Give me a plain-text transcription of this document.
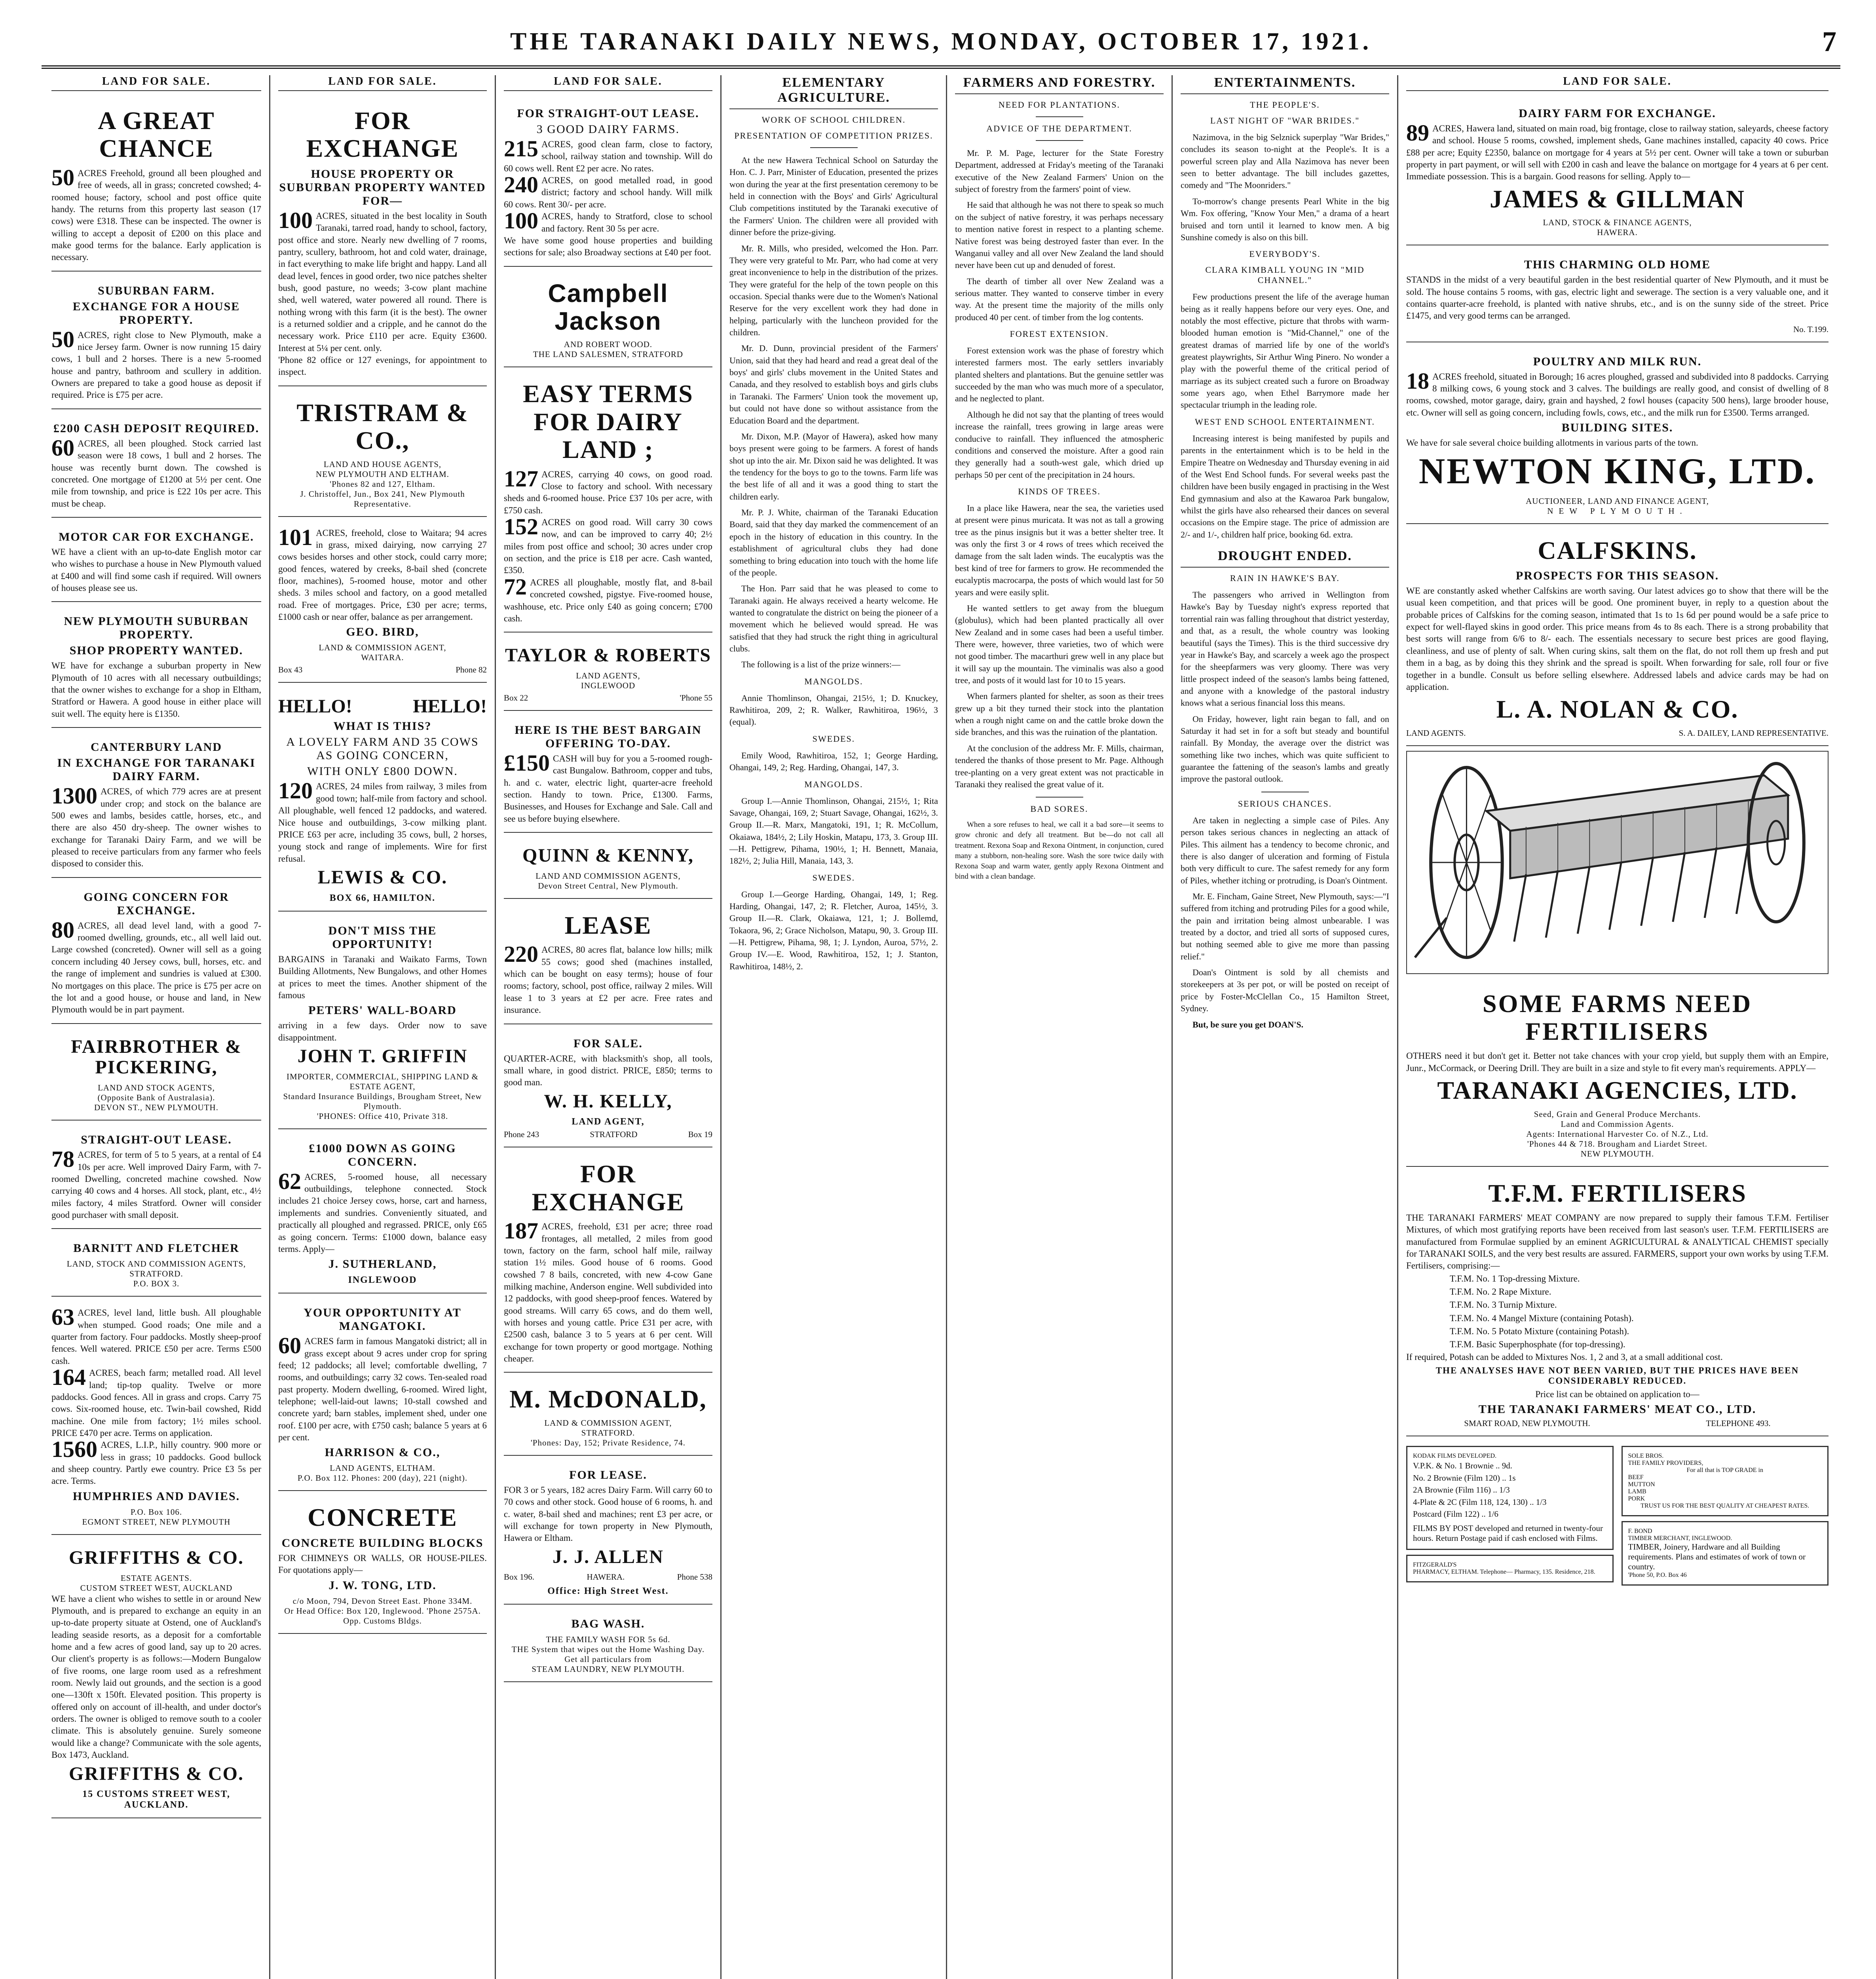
THE TARANAKI DAILY NEWS, MONDAY, OCTOBER 17, 1921.	7
LAND FOR SALE.
A GREAT CHANCE
50 ACRES Freehold, ground all been ploughed and free of weeds, all in grass; concreted cowshed; 4-roomed house; factory, school and post office quite handy. The returns from this property last season (17 cows) were £318. These can be inspected. The owner is willing to accept a deposit of £200 on this place and make good terms for the balance. Early application is necessary.
SUBURBAN FARM.
EXCHANGE FOR A HOUSE PROPERTY.
50 ACRES, right close to New Plymouth, make a nice Jersey farm. Owner is now running 15 dairy cows, 1 bull and 2 horses. There is a new 5-roomed house and pantry, bathroom and scullery in addition. Owners are prepared to take a good house as deposit if required. Price is £75 per acre.
£200 CASH DEPOSIT REQUIRED.
60 ACRES, all been ploughed. Stock carried last season were 18 cows, 1 bull and 2 horses. The house was recently burnt down. The cowshed is concreted. One mortgage of £1200 at 5½ per cent. One mile from township, and price is £22 10s per acre. This must be cheap.
MOTOR CAR FOR EXCHANGE.
WE have a client with an up-to-date English motor car who wishes to purchase a house in New Plymouth valued at £400 and will find some cash if required. Will owners of houses please see us.
NEW PLYMOUTH SUBURBAN PROPERTY.
SHOP PROPERTY WANTED.
WE have for exchange a suburban property in New Plymouth of 10 acres with all necessary outbuildings; that the owner wishes to exchange for a shop in Eltham, Stratford or Hawera. A good house in either place will suit well. The equity here is £1350.
CANTERBURY LAND
IN EXCHANGE FOR TARANAKI DAIRY FARM.
1300 ACRES, of which 779 acres are at present under crop; and stock on the balance are 500 ewes and lambs, besides cattle, horses, etc., and there are also 450 dry-sheep. The owner wishes to exchange for Taranaki Dairy Farm, and we will be pleased to receive particulars from any farmer who feels disposed to consider this.
GOING CONCERN FOR EXCHANGE.
80 ACRES, all dead level land, with a good 7-roomed dwelling, grounds, etc., all well laid out. Large cowshed (concreted). Owner will sell as a going concern including 40 Jersey cows, bull, horses, etc. and the range of implement and sundries is valued at £300. No mortgages on this place. The price is £75 per acre on the lot and a good house, or house and land, in New Plymouth would be in part payment.
FAIRBROTHER & PICKERING,
LAND AND STOCK AGENTS,
(Opposite Bank of Australasia).
DEVON ST., NEW PLYMOUTH.
STRAIGHT-OUT LEASE.
78 ACRES, for term of 5 to 5 years, at a rental of £4 10s per acre. Well improved Dairy Farm, with 7-roomed Dwelling, concreted machine cowshed. Now carrying 40 cows and 4 horses. All stock, plant, etc., 4½ miles factory, 4 miles Stratford. Owner will consider good purchaser with small deposit.
BARNITT AND FLETCHER
LAND, STOCK AND COMMISSION AGENTS,
STRATFORD.
P.O. BOX 3.
63 ACRES, level land, little bush. All ploughable when stumped. Good roads; One mile and a quarter from factory. Four paddocks. Mostly sheep-proof fences. Well watered. PRICE £50 per acre. Terms £500 cash.
164 ACRES, beach farm; metalled road. All level land; tip-top quality. Twelve or more paddocks. Good fences. All in grass and crops. Carry 75 cows. Six-roomed house, etc. Twin-bail cowshed, Ridd machine. One mile from factory; 1½ miles school. PRICE £470 per acre. Terms on application.
1560 ACRES, L.I.P., hilly country. 900 more or less in grass; 10 paddocks. Good bullock and sheep country. Partly ewe country. Price £3 5s per acre. Terms.
HUMPHRIES AND DAVIES.
P.O. Box 106.
EGMONT STREET, NEW PLYMOUTH
GRIFFITHS & CO.
ESTATE AGENTS.
CUSTOM STREET WEST, AUCKLAND
WE have a client who wishes to settle in or around New Plymouth, and is prepared to exchange an equity in an up-to-date property situate at Ostend, one of Auckland's leading seaside resorts, as a deposit for a comfortable home and a few acres of good land, say up to 20 acres. Our client's property is as follows:—Modern Bungalow of five rooms, one large room used as a refreshment room. Newly laid out grounds, and the section is a good one—130ft x 150ft. Elevated position. This property is offered only on account of ill-health, and under doctor's orders. The owner is obliged to remove south to a cooler climate. This is absolutely genuine. Surely someone would like a change? Communicate with the sole agents, Box 1473, Auckland.
GRIFFITHS & CO.
15 CUSTOMS STREET WEST, AUCKLAND.
LAND FOR SALE.
FOR EXCHANGE
HOUSE PROPERTY OR SUBURBAN PROPERTY WANTED FOR—
100 ACRES, situated in the best locality in South Taranaki, tarred road, handy to school, factory, post office and store. Nearly new dwelling of 7 rooms, pantry, scullery, bathroom, hot and cold water, drainage, in fact everything to make life bright and happy. Land all dead level, fences in good order, two nice patches shelter bush, good pasture, no weeds; 3-cow plant machine shed, well watered, water powered all round. There is nothing wrong with this farm (it is the best). The owner is a returned soldier and a cripple, and he cannot do the necessary work. Price £110 per acre. Equity £3600. Interest at 5¼ per cent. only.
'Phone 82 office or 127 evenings, for appointment to inspect.
TRISTRAM & CO.,
LAND AND HOUSE AGENTS,
NEW PLYMOUTH AND ELTHAM.
'Phones 82 and 127, Eltham.
J. Christoffel, Jun., Box 241, New Plymouth Representative.
101 ACRES, freehold, close to Waitara; 94 acres in grass, mixed dairying, now carrying 27 cows besides horses and other stock, could carry more; good fences, watered by creeks, 8-bail shed (concrete floor, machines), 5-roomed house, motor and other sheds. 3 miles school and factory, on a good metalled road. Free of mortgages. Price, £30 per acre; terms, £1000 cash or near offer, balance as per arrangement.
GEO. BIRD,
LAND & COMMISSION AGENT,
WAITARA.
Box 43	Phone 82
HELLO!	HELLO!
WHAT IS THIS?
A LOVELY FARM AND 35 COWS AS GOING CONCERN,
WITH ONLY £800 DOWN.
120 ACRES, 24 miles from railway, 3 miles from good town; half-mile from factory and school. All ploughable, well fenced 12 paddocks, and watered. Nice house and outbuildings, 3-cow milking plant. PRICE £63 per acre, including 35 cows, bull, 2 horses, young stock and range of implements. Wire for first refusal.
LEWIS & CO.
BOX 66, HAMILTON.
DON'T MISS THE OPPORTUNITY!
BARGAINS in Taranaki and Waikato Farms, Town Building Allotments, New Bungalows, and other Homes at prices to meet the times. Another shipment of the famous
PETERS' WALL-BOARD
arriving in a few days. Order now to save disappointment.
JOHN T. GRIFFIN
IMPORTER, COMMERCIAL, SHIPPING LAND & ESTATE AGENT,
Standard Insurance Buildings, Brougham Street, New Plymouth.
'PHONES: Office 410, Private 318.
£1000 DOWN AS GOING CONCERN.
62 ACRES, 5-roomed house, all necessary outbuildings, telephone connected. Stock includes 21 choice Jersey cows, horse, cart and harness, implements and sundries. Conveniently situated, and practically all ploughed and regrassed. PRICE, only £65 as going concern. Terms: £1000 down, balance easy terms. Apply—
J. SUTHERLAND,
INGLEWOOD
YOUR OPPORTUNITY AT MANGATOKI.
60 ACRES farm in famous Mangatoki district; all in grass except about 9 acres under crop for spring feed; 12 paddocks; all level; comfortable dwelling, 7 rooms, and outbuildings; carry 32 cows. Ten-sealed road past property. Modern dwelling, 6-roomed. Wired light, telephone; well-laid-out lawns; 10-stall cowshed and concrete yard; barn stables, implement shed, under one roof. £100 per acre, with £750 cash; balance 5 years at 6 per cent.
HARRISON & CO.,
LAND AGENTS, ELTHAM.
P.O. Box 112. Phones: 200 (day), 221 (night).
CONCRETE
CONCRETE BUILDING BLOCKS
FOR CHIMNEYS OR WALLS, OR HOUSE-PILES. For quotations apply—
J. W. TONG, LTD.
c/o Moon, 794, Devon Street East. Phone 334M.
Or Head Office: Box 120, Inglewood. 'Phone 2575A. Opp. Customs Bldgs.
LAND FOR SALE.
FOR STRAIGHT-OUT LEASE.
3 GOOD DAIRY FARMS.
215 ACRES, good clean farm, close to factory, school, railway station and township. Will do 60 cows well. Rent £2 per acre. No rates.
240 ACRES, on good metalled road, in good district; factory and school handy. Will milk 60 cows. Rent 30/- per acre.
100 ACRES, handy to Stratford, close to school and factory. Rent 30 5s per acre.
We have some good house properties and building sections for sale; also Broadway sections at £40 per foot.
Campbell Jackson
AND ROBERT WOOD.
THE LAND SALESMEN, STRATFORD
EASY TERMS FOR DAIRY LAND ;
127 ACRES, carrying 40 cows, on good road. Close to factory and school. With necessary sheds and 6-roomed house. Price £37 10s per acre, with £750 cash.
152 ACRES on good road. Will carry 30 cows now, and can be improved to carry 40; 2½ miles from post office and school; 30 acres under crop on section, and the price is £18 per acre. Cash wanted, £350.
72 ACRES all ploughable, mostly flat, and 8-bail concreted cowshed, pigstye. Five-roomed house, washhouse, etc. Price only £40 as going concern; £700 cash.
TAYLOR & ROBERTS
LAND AGENTS,
INGLEWOOD
Box 22	'Phone 55
HERE IS THE BEST BARGAIN OFFERING TO-DAY.
£150 CASH will buy for you a 5-roomed rough-cast Bungalow. Bathroom, copper and tubs, h. and c. water, electric light, quarter-acre freehold section. Handy to town. Price, £1300. Farms, Businesses, and Houses for Exchange and Sale. Call and see us before buying elsewhere.
QUINN & KENNY,
LAND AND COMMISSION AGENTS,
Devon Street Central, New Plymouth.
LEASE
220 ACRES, 80 acres flat, balance low hills; milk 55 cows; good shed (machines installed, which can be bought on easy terms); house of four rooms; factory, school, post office, railway 2 miles. Will lease 1 to 3 years at £2 per acre. Free rates and insurance.
FOR SALE.
QUARTER-ACRE, with blacksmith's shop, all tools, small whare, in good district. PRICE, £850; terms to good man.
W. H. KELLY,
LAND AGENT,
Phone 243	STRATFORD	Box 19
FOR EXCHANGE
187 ACRES, freehold, £31 per acre; three road frontages, all metalled, 2 miles from good town, factory on the farm, school half mile, railway station 1½ miles. Good house of 6 rooms. Good cowshed 7 8 bails, concreted, with new 4-cow Gane milking machine, Anderson engine. Well subdivided into 12 paddocks, with good sheep-proof fences. Watered by good streams. Will carry 65 cows, and do them well, with horses and young cattle. Price £31 per acre, with £2500 cash, balance 3 to 5 years at 6 per cent. Will exchange for town property or good mortgage. Nothing cheaper.
M. McDONALD,
LAND & COMMISSION AGENT,
STRATFORD.
'Phones: Day, 152; Private Residence, 74.
FOR LEASE.
FOR 3 or 5 years, 182 acres Dairy Farm. Will carry 60 to 70 cows and other stock. Good house of 6 rooms, h. and c. water, 8-bail shed and machines; rent £3 per acre, or will exchange for town property in New Plymouth, Hawera or Eltham.
J. J. ALLEN
Box 196.	HAWERA.	Phone 538
Office: High Street West.
BAG WASH.
THE FAMILY WASH FOR 5s 6d.
THE System that wipes out the Home Washing Day.
Get all particulars from
STEAM LAUNDRY, NEW PLYMOUTH.
ELEMENTARY AGRICULTURE.
WORK OF SCHOOL CHILDREN.
PRESENTATION OF COMPETITION PRIZES.

At the new Hawera Technical School on Saturday the Hon. C. J. Parr, Minister of Education, presented the prizes won during the year at the first presentation ceremony to be held in connection with the Boys' and Girls' Agricultural Club competitions instituted by the Taranaki executive of the Farmers' Union. The children were all provided with dinner before the prize-giving.

Mr. R. Mills, who presided, welcomed the Hon. Parr. They were very grateful to Mr. Parr, who had come at very great inconvenience to help in the distribution of the prizes. They were grateful for the help of the town people on this occasion. Special thanks were due to the Women's National Reserve for the very excellent work they had done in helping, particularly with the luncheon provided for the children.

Mr. D. Dunn, provincial president of the Farmers' Union, said that they had heard and read a great deal of the boys' and girls' clubs movement in the United States and Canada, and they resolved to establish boys and girls clubs in Taranaki. The Farmers' Union took the movement up, but could not have done so without assistance from the Education Board and the department.

Mr. Dixon, M.P. (Mayor of Hawera), asked how many boys present were going to be farmers. A forest of hands shot up into the air. Mr. Dixon said he was delighted. It was the tendency for the boys to go to the towns. Farm life was the best life of all and it was a good thing to start the children early.

Mr. P. J. White, chairman of the Taranaki Education Board, said that they day marked the commencement of an epoch in the history of education in this country. In the establishment of agricultural clubs they had done something to bring education into touch with the home life of the people.

The Hon. Parr said that he was pleased to come to Taranaki again. He always received a hearty welcome. He wanted to congratulate the district on being the pioneer of a movement which he believed would spread. He was satisfied that they had struck the right thing in agricultural clubs.

The following is a list of the prize winners:—

MANGOLDS.

Annie Thomlinson, Ohangai, 215½, 1; D. Knuckey, Rawhitiroa, 209, 2; R. Walker, Rawhitiroa, 196½, 3 (equal).

SWEDES.

Emily Wood, Rawhitiroa, 152, 1; George Harding, Ohangai, 149, 2; Reg. Harding, Ohangai, 147, 3.

MANGOLDS.

Group I.—Annie Thomlinson, Ohangai, 215½, 1; Rita Savage, Ohangai, 169, 2; Stuart Savage, Ohangai, 162½, 3. Group II.—R. Marx, Mangatoki, 191, 1; R. McCollum, Okaiawa, 184½, 2; Lily Hoskin, Matapu, 173, 3. Group III.—H. Pettigrew, Pihama, 190½, 1; H. Bennett, Manaia, 182½, 2; Julia Hill, Manaia, 143, 3.

SWEDES.

Group I.—George Harding, Ohangai, 149, 1; Reg. Harding, Ohangai, 147, 2; R. Fletcher, Auroa, 145½, 3. Group II.—R. Clark, Okaiawa, 121, 1; J. Bollemd, Tokaora, 96, 2; Grace Nicholson, Matapu, 90, 3. Group III.—H. Pettigrew, Pihama, 98, 1; J. Lyndon, Auroa, 57½, 2. Group IV.—E. Wood, Rawhitiroa, 152, 1; J. Stanton, Rawhitiroa, 148½, 2.

FARMERS AND FORESTRY.
NEED FOR PLANTATIONS.
ADVICE OF THE DEPARTMENT.

Mr. P. M. Page, lecturer for the State Forestry Department, addressed at Friday's meeting of the Taranaki executive of the New Zealand Farmers' Union on the subject of forestry from the farmers' point of view.

He said that although he was not there to speak so much on the subject of native forestry, it was perhaps necessary to mention native forest in respect to a planting scheme. Native forest was being destroyed faster than ever. In the Wanganui valley and all over New Zealand the land should never have been cut up and denuded of forest.

The dearth of timber all over New Zealand was a serious matter. They wanted to conserve timber in every way. At the present time the majority of the mills only produced 40 per cent. of timber from the log contents.

FOREST EXTENSION.

Forest extension work was the phase of forestry which interested farmers most. The early settlers invariably planted shelters and plantations. But the genuine settler was succeeded by the man who was much more of a speculator, and he neglected to plant.

Although he did not say that the planting of trees would increase the rainfall, trees growing in large areas were conducive to rainfall. They influenced the atmospheric conditions and conserved the moisture. After a good rain they generally had a south-west gale, which dried up perhaps 50 per cent of the precipitation in 24 hours.

KINDS OF TREES.

In a place like Hawera, near the sea, the varieties used at present were pinus muricata. It was not as tall a growing tree as the pinus insignis but it was a better shelter tree. It was only the first 3 or 4 rows of trees which received the damage from the salt laden winds. The eucalyptis was the best kind of tree for farmers to grow. He recommended the eucalyptis macrocarpa, the posts of which would last for 50 years and were easily split.

He wanted settlers to get away from the bluegum (globulus), which had been planted practically all over New Zealand and in some cases had been a useful timber. There were, however, three varieties, two of which were not good timber. The macarthuri grew well in any place but it will say up the mountain. The viminalis was also a good tree, and posts of it would last for 10 to 15 years.

When farmers planted for shelter, as soon as their trees grew up a bit they turned their stock into the plantation when a rough night came on and the cattle broke down the side branches, and this was the ruination of the plantation.

At the conclusion of the address Mr. F. Mills, chairman, tendered the thanks of those present to Mr. Page. Although tree-planting on a very great extent was not practicable in Taranaki they realised the great value of it.

BAD SORES.

When a sore refuses to heal, we call it a bad sore—it seems to grow chronic and defy all treatment. But be—do not call all treatment. Rexona Soap and Rexona Ointment, in conjunction, cured many a stubborn, non-healing sore. Wash the sore twice daily with Rexona Soap and warm water, gently apply Rexona Ointment and bind with a clean bandage.

ENTERTAINMENTS.
THE PEOPLE'S.
LAST NIGHT OF "WAR BRIDES."

Nazimova, in the big Selznick superplay "War Brides," concludes its season to-night at the People's. It is a powerful screen play and Alla Nazimova has never been seen to better advantage. The bill includes gazettes, comedy and "The Moonriders."

To-morrow's change presents Pearl White in the big Wm. Fox offering, "Know Your Men," a drama of a heart bruised and torn until it learned to know men. A big Sunshine comedy is also on this bill.

EVERYBODY'S.
CLARA KIMBALL YOUNG IN "MID CHANNEL."

Few productions present the life of the average human being as it really happens before our very eyes. One, and notably the most effective, picture that throbs with warm-blooded human emotion is "Mid-Channel," one of the greatest dramas of married life by one of the world's greatest playwrights, Sir Arthur Wing Pinero. No wonder a play with the powerful theme of the critical period of marriage as its subject created such a furore on Broadway some years ago, when Ethel Barrymore made her spectacular triumph in the leading role.

WEST END SCHOOL ENTERTAINMENT.

Increasing interest is being manifested by pupils and parents in the entertainment which is to be held in the Empire Theatre on Wednesday and Thursday evening in aid of the West End School funds. For several weeks past the children have been busily engaged in practising in the West End gymnasium and also at the Kawaroa Park bungalow, whilst the girls have also rehearsed their dances on several occasions on the Empire stage. The price of admission are 2/- and 1/-, children half price, booking 6d. extra.

DROUGHT ENDED.
RAIN IN HAWKE'S BAY.

The passengers who arrived in Wellington from Hawke's Bay by Tuesday night's express reported that torrential rain was falling throughout that district yesterday, and that, as a result, the whole country was looking beautiful (says the Times). This is the third successive dry year in Hawke's Bay, and scarcely a week ago the prospect for the sheepfarmers was very gloomy. There was very little prospect indeed of the season's lambs being fattened, and anyone with a knowledge of the pastoral industry knows what a serious financial loss this means.

On Friday, however, light rain began to fall, and on Saturday it had set in for a soft but steady and bountiful rainfall. By Monday, the average over the district was something like two inches, which was quite sufficient to guarantee the fattening of the season's lambs and greatly improve the pastoral outlook.

SERIOUS CHANCES.

Are taken in neglecting a simple case of Piles. Any person takes serious chances in neglecting an attack of Piles. This ailment has a tendency to become chronic, and there is also danger of ulceration and forming of Fistula both very difficult to cure. The safest remedy for any form of Piles, whether itching or protruding, is Doan's Ointment.

Mr. E. Fincham, Gaine Street, New Plymouth, says:—"I suffered from itching and protruding Piles for a good while, the pain and irritation being almost unbearable. I was treated by a doctor, and tried all sorts of supposed cures, but nothing seemed able to give me more than passing relief."

Doan's Ointment is sold by all chemists and storekeepers at 3s per pot, or will be posted on receipt of price by Foster-McClellan Co., 15 Hamilton Street, Sydney.

But, be sure you get DOAN'S.

LAND FOR SALE.
DAIRY FARM FOR EXCHANGE.
89 ACRES, Hawera land, situated on main road, big frontage, close to railway station, saleyards, cheese factory and school. House 5 rooms, cowshed, implement sheds, Gane machines installed, capacity 40 cows. Price £88 per acre; Equity £2350, balance on mortgage for 4 years at 5½ per cent. Owner will take a town or suburban property in part payment, or will sell with £200 in cash and leave the balance on mortgage for 4 years at 6 per cent. Immediate possession. This is a bargain. Good reasons for selling. Apply to—
JAMES & GILLMAN
LAND, STOCK & FINANCE AGENTS,
HAWERA.
THIS CHARMING OLD HOME
STANDS in the midst of a very beautiful garden in the best residential quarter of New Plymouth, and it must be sold. The house contains 5 rooms, with gas, electric light and sewerage. The section is a very valuable one, and it contains quarter-acre freehold, is planted with native shrubs, etc., and is on the sunny side of the street. Price £1475, and very good terms can be arranged.
No. T.199.
POULTRY AND MILK RUN.
18 ACRES freehold, situated in Borough; 16 acres ploughed, grassed and subdivided into 8 paddocks. Carrying 8 milking cows, 6 young stock and 3 calves. The buildings are really good, and consist of dwelling of 8 rooms, cowshed, motor garage, dairy, grain and hayshed, 2 fowl houses (capacity 500 hens), large brooder house, etc. Owner will sell as going concern, including fowls, cows, etc., and the milk run for £3500. Terms arranged.
BUILDING SITES.
We have for sale several choice building allotments in various parts of the town.
NEWTON KING, LTD.
AUCTIONEER, LAND AND FINANCE AGENT,
NEW PLYMOUTH.
CALFSKINS.
PROSPECTS FOR THIS SEASON.
WE are constantly asked whether Calfskins are worth saving. Our latest advices go to show that there will be the usual keen competition, and that prices will be good. One prominent buyer, in reply to a question about the probable prices of Calfskins for the coming season, intimated that 1s to 1s 6d per pound would be a safe price to expect for well-flayed skins in good order. This price means from 4s to 8s each. There is a strong probability that best sorts will range from 6/6 to 8/- each. The essentials necessary to secure best prices are good flaying, cleanliness, and use of plenty of salt. When curing skins, salt them on the flat, do not roll them up fresh and put them in a bag, as by doing this they shrink and the spread is spoilt. When forwarding for sale, roll four or five together in a bundle. Consult us before selling elsewhere. Addressed labels and advice cards may be had on application.
L. A. NOLAN & CO.
LAND AGENTS.	S. A. DAILEY, LAND REPRESENTATIVE.
SOME FARMS NEED FERTILISERS
OTHERS need it but don't get it. Better not take chances with your crop yield, but supply them with an Empire, Junr., McCormack, or Deering Drill. They are built in a size and style to fit every man's requirements. APPLY—
TARANAKI AGENCIES, LTD.
Seed, Grain and General Produce Merchants.
Land and Commission Agents.
Agents: International Harvester Co. of N.Z., Ltd.
'Phones 44 & 718. Brougham and Liardet Street.
NEW PLYMOUTH.
T.F.M. FERTILISERS
THE TARANAKI FARMERS' MEAT COMPANY are now prepared to supply their famous T.F.M. Fertiliser Mixtures, of which most gratifying reports have been received from last season's user. T.F.M. FERTILISERS are manufactured from Formulae supplied by an eminent AGRICULTURAL & ANALYTICAL CHEMIST specially for TARANAKI SOILS, and the very best results are assured. FARMERS, support your own works by using T.F.M. Fertilisers, comprising:—
T.F.M. No. 1 Top-dressing Mixture.
T.F.M. No. 2 Rape Mixture.
T.F.M. No. 3 Turnip Mixture.
T.F.M. No. 4 Mangel Mixture (containing Potash).
T.F.M. No. 5 Potato Mixture (containing Potash).
T.F.M. Basic Superphosphate (for top-dressing).
If required, Potash can be added to Mixtures Nos. 1, 2 and 3, at a small additional cost.
THE ANALYSES HAVE NOT BEEN VARIED, BUT THE PRICES HAVE BEEN CONSIDERABLY REDUCED.
Price list can be obtained on application to—
THE TARANAKI FARMERS' MEAT CO., LTD.
SMART ROAD, NEW PLYMOUTH.	TELEPHONE 493.
KODAK FILMS DEVELOPED.
V.P.K. & No. 1 Brownie .. 9d.
No. 2 Brownie (Film 120) .. 1s
2A Brownie (Film 116) .. 1/3
4-Plate & 2C (Film 118, 124, 130) .. 1/3
Postcard (Film 122) .. 1/6
FILMS BY POST developed and returned in twenty-four hours. Return Postage paid if cash enclosed with Films.
FITZGERALD'S
PHARMACY, ELTHAM. Telephone— Pharmacy, 135. Residence, 218.
SOLE BROS.
THE FAMILY PROVIDERS,
For all that is TOP GRADE in
BEEF
MUTTON
LAMB
PORK
TRUST US FOR THE BEST QUALITY AT CHEAPEST RATES.
F. BOND
TIMBER MERCHANT, INGLEWOOD.
TIMBER, Joinery, Hardware and all Building requirements. Plans and estimates of work of town or country.
'Phone 50, P.O. Box 46
